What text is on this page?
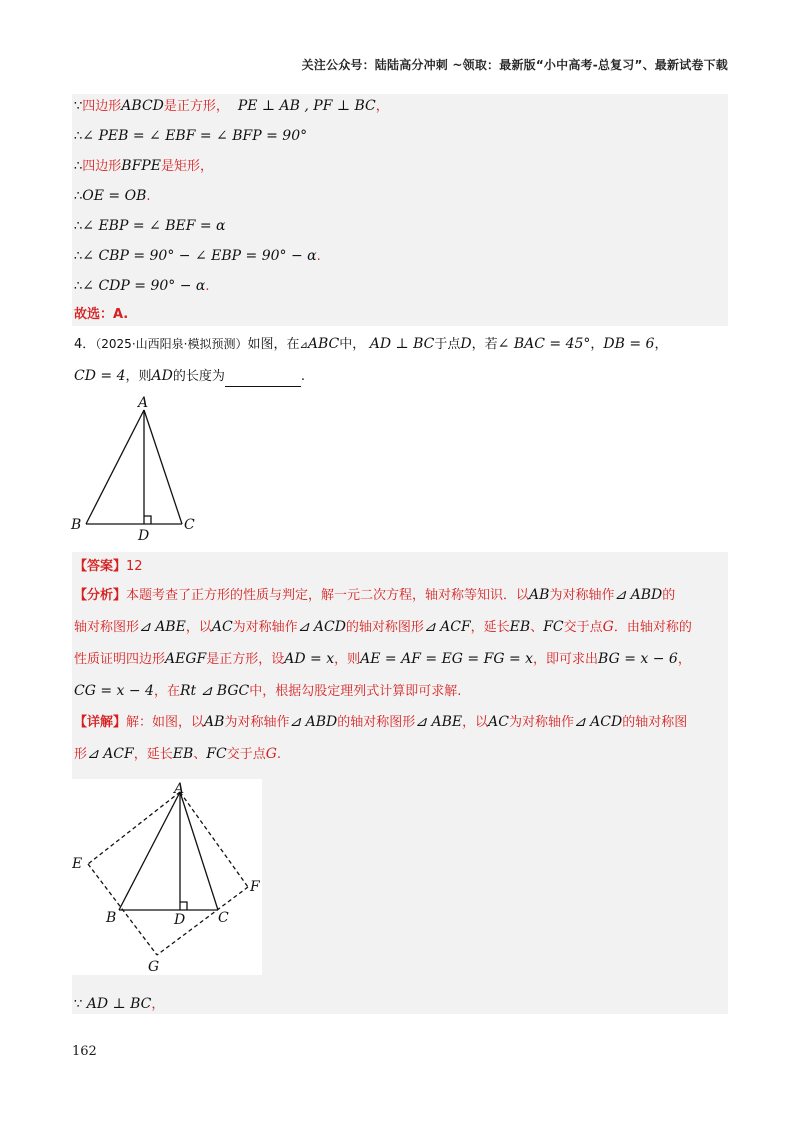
关注公众号：陆陆高分冲刺 ~领取：最新版“小中高考-总复习”、最新试卷下载
∵四边形ABCD是正方形， PE ⊥ AB , PF ⊥ BC，
∴∠ PEB = ∠ EBF = ∠ BFP = 90°
∴四边形BFPE是矩形，
∴OE = OB.
∴∠ EBP = ∠ BEF = α
∴∠ CBP = 90° − ∠ EBP = 90° − α.
∴∠ CDP = 90° − α.
故选：A.
4．（2025·山西阳泉·模拟预测）如图，在⊿ABC中， AD ⊥ BC于点D，若∠ BAC = 45°，DB = 6，
CD = 4，则AD的长度为	.
A
B	C
D
【答案】12
【分析】本题考查了正方形的性质与判定，解一元二次方程，轴对称等知识．以AB为对称轴作⊿ ABD的
轴对称图形⊿ ABE，以AC为对称轴作⊿ ACD的轴对称图形⊿ ACF，延长EB、FC交于点G．由轴对称的
性质证明四边形AEGF是正方形，设AD = x，则AE = AF = EG = FG = x，即可求出BG = x − 6，
CG = x − 4，在Rt ⊿ BGC中，根据勾股定理列式计算即可求解.
【详解】解：如图，以AB为对称轴作⊿ ABD的轴对称图形⊿ ABE，以AC为对称轴作⊿ ACD的轴对称图
形⊿ ACF，延长EB、FC交于点G.
A
E
F
B	D C
G
∵ AD ⊥ BC，
162
